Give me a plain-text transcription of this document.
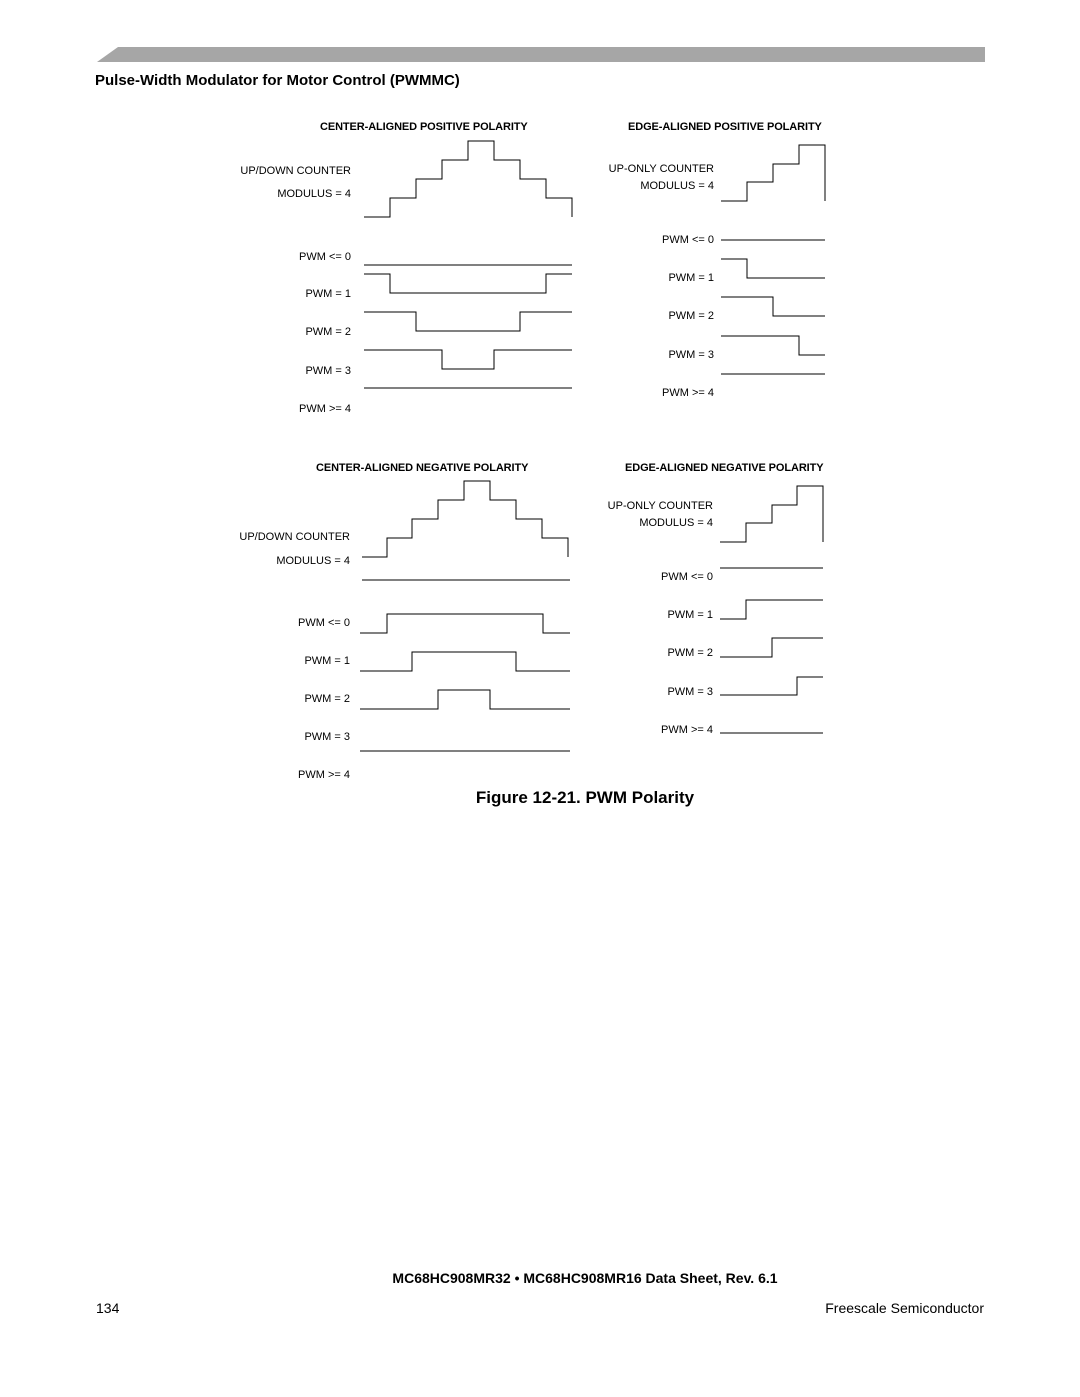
Pulse-Width Modulator for Motor Control (PWMMC)
CENTER-ALIGNED POSITIVE POLARITY	EDGE-ALIGNED POSITIVE POLARITY
CENTER-ALIGNED NEGATIVE POLARITY	EDGE-ALIGNED NEGATIVE POLARITY
UP/DOWN COUNTER
MODULUS = 4
PWM <= 0
PWM = 1
PWM = 2
PWM = 3
PWM >= 4
UP-ONLY COUNTER
MODULUS = 4
PWM <= 0
PWM = 1
PWM = 2
PWM = 3
PWM >= 4
UP/DOWN COUNTER
MODULUS = 4
PWM <= 0
PWM = 1
PWM = 2
PWM = 3
PWM >= 4
UP-ONLY COUNTER
MODULUS = 4
PWM <= 0
PWM = 1
PWM = 2
PWM = 3
PWM >= 4
Figure 12-21. PWM Polarity
MC68HC908MR32 • MC68HC908MR16 Data Sheet, Rev. 6.1
134	Freescale Semiconductor
